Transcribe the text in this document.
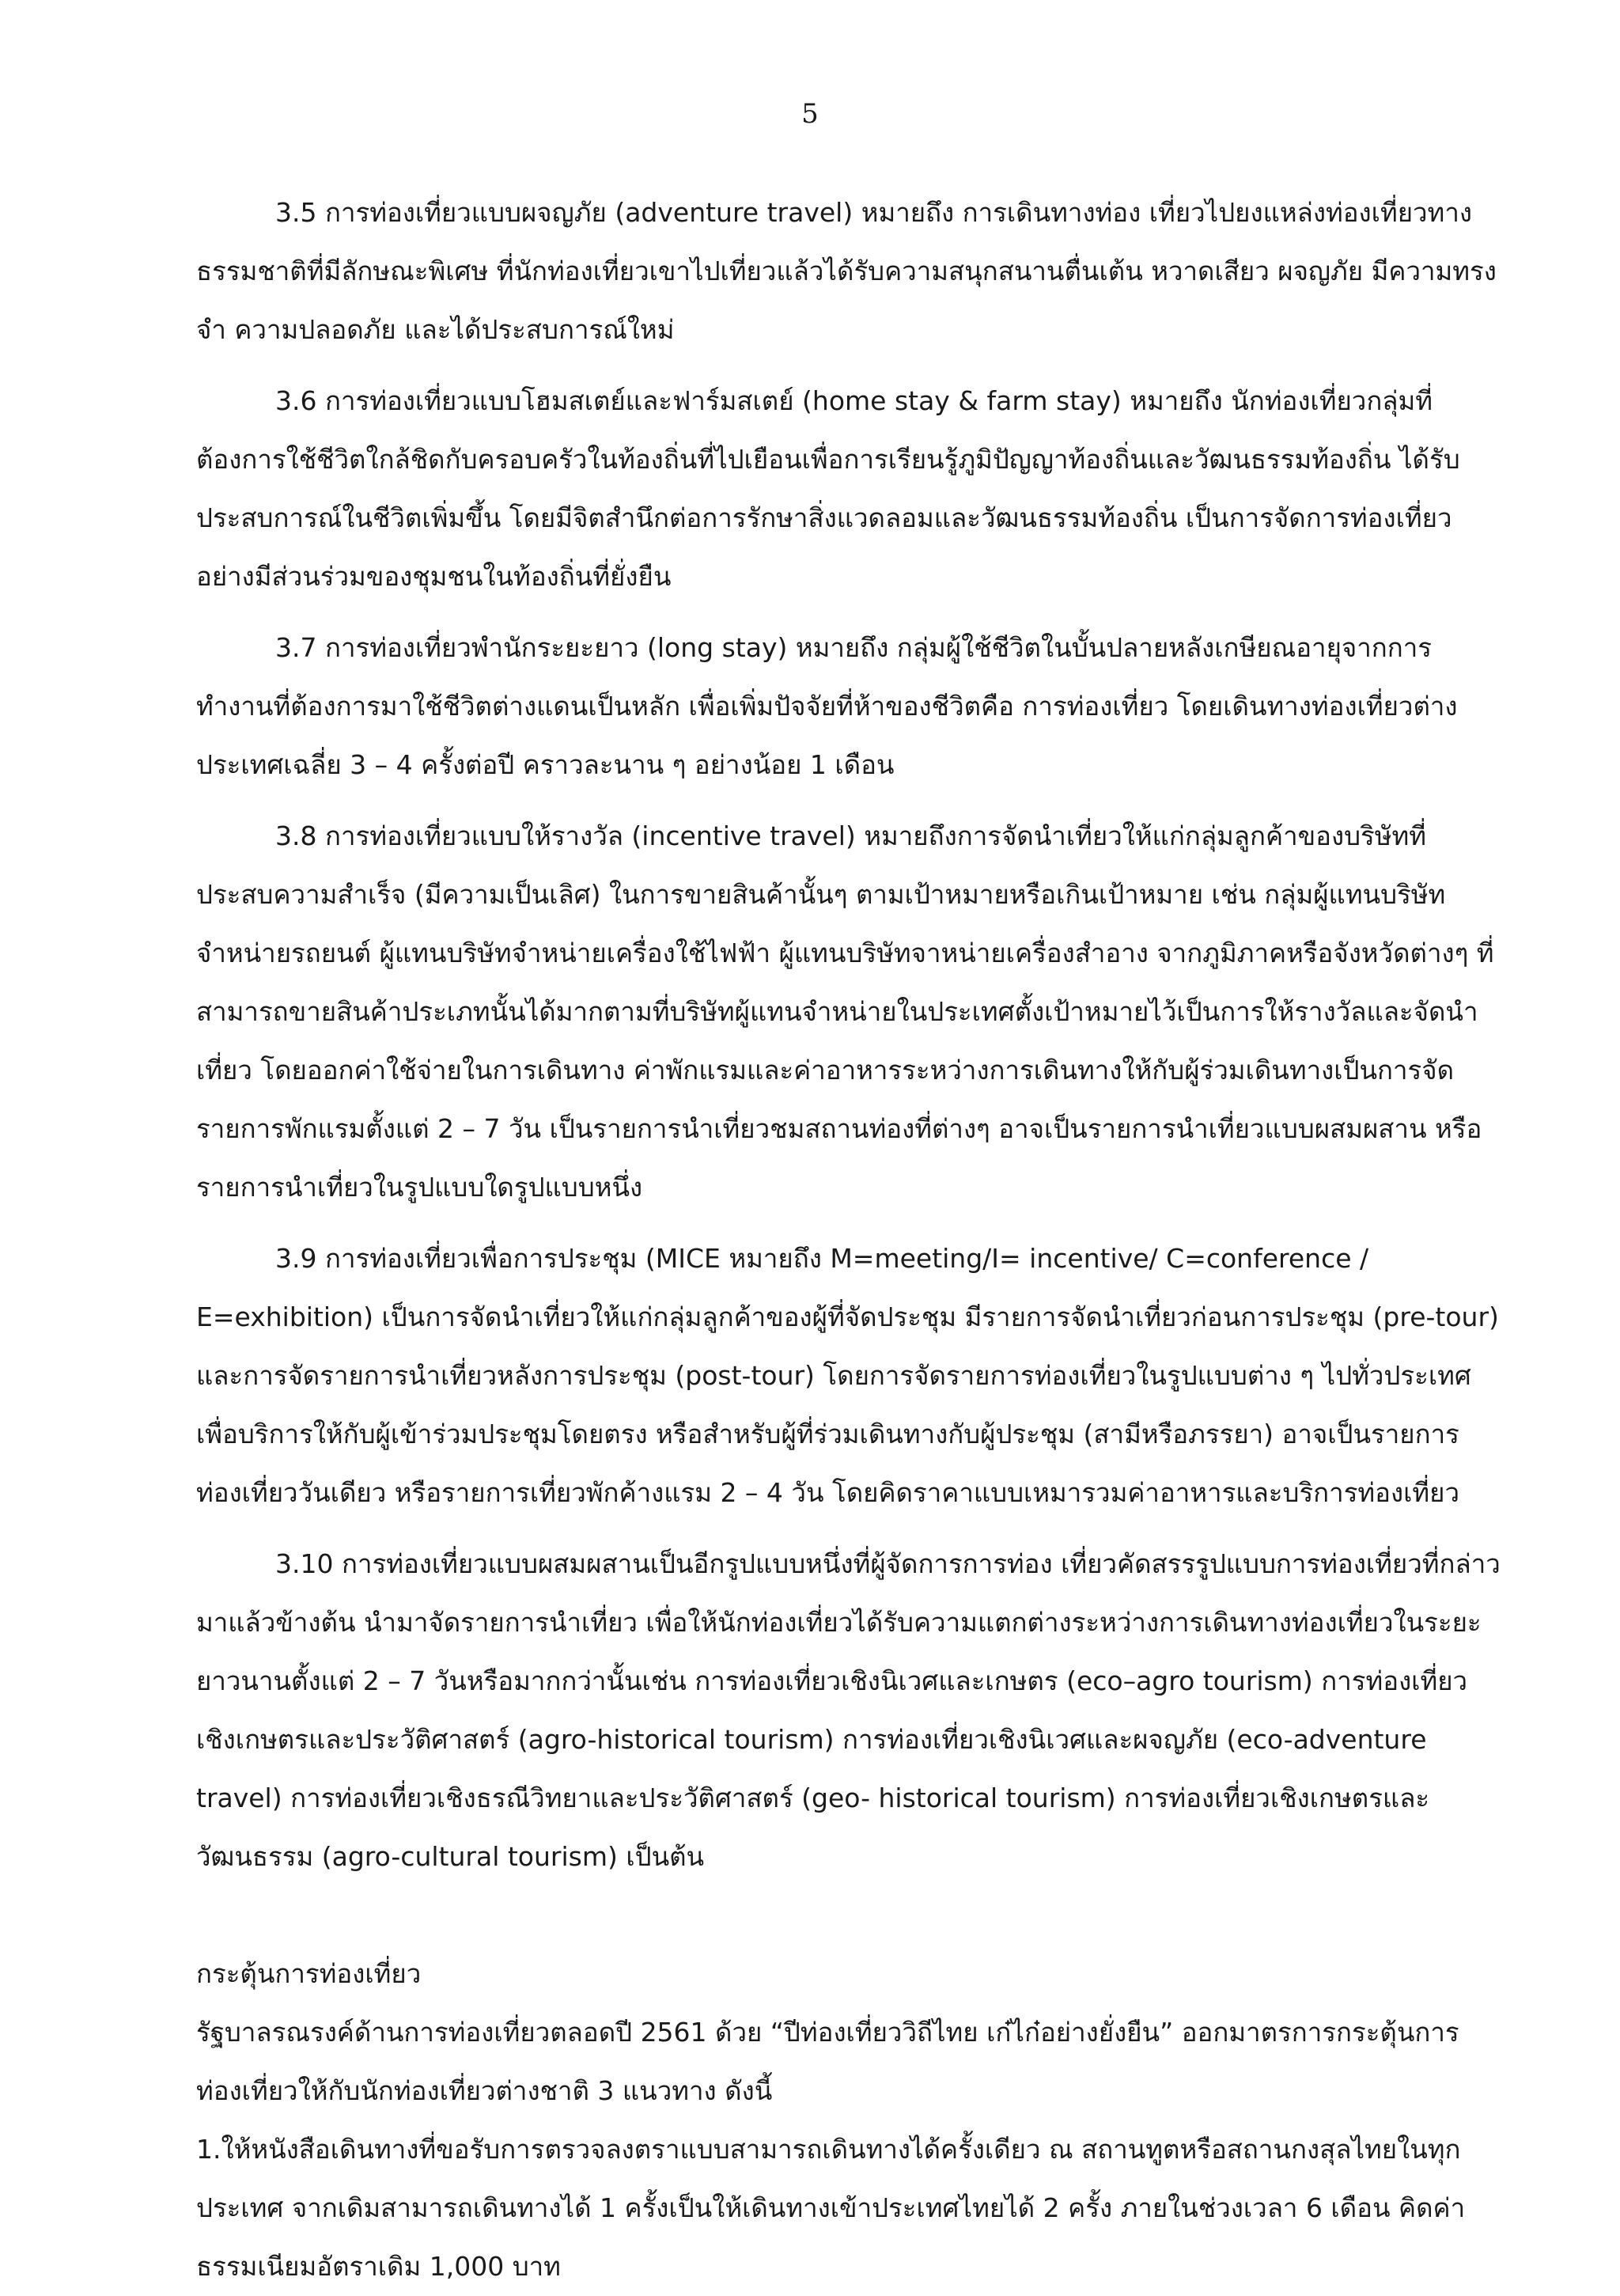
5

3.5 การท่องเที่ยวแบบผจญภัย (adventure travel) หมายถึง การเดินทางท่อง เที่ยวไปยงแหล่งท่องเที่ยวทางธรรมชาติที่มีลักษณะพิเศษ ที่นักท่องเที่ยวเขาไปเที่ยวแล้วได้รับความสนุกสนานตื่นเต้น หวาดเสียว ผจญภัย มีความทรงจำ ความปลอดภัย และได้ประสบการณ์ใหม่

3.6 การท่องเที่ยวแบบโฮมสเตย์และฟาร์มสเตย์ (home stay & farm stay) หมายถึง นักท่องเที่ยวกลุ่มที่ต้องการใช้ชีวิตใกล้ชิดกับครอบครัวในท้องถิ่นที่ไปเยือนเพื่อการเรียนรู้ภูมิปัญญาท้องถิ่นและวัฒนธรรมท้องถิ่น ได้รับประสบการณ์ในชีวิตเพิ่มขึ้น โดยมีจิตสำนึกต่อการรักษาสิ่งแวดลอมและวัฒนธรรมท้องถิ่น เป็นการจัดการท่องเที่ยวอย่างมีส่วนร่วมของชุมชนในท้องถิ่นที่ยั่งยืน

3.7 การท่องเที่ยวพำนักระยะยาว (long stay) หมายถึง กลุ่มผู้ใช้ชีวิตในบั้นปลายหลังเกษียณอายุจากการทำงานที่ต้องการมาใช้ชีวิตต่างแดนเป็นหลัก เพื่อเพิ่มปัจจัยที่ห้าของชีวิตคือ การท่องเที่ยว โดยเดินทางท่องเที่ยวต่างประเทศเฉลี่ย 3 – 4 ครั้งต่อปี คราวละนาน ๆ อย่างน้อย 1 เดือน

3.8 การท่องเที่ยวแบบให้รางวัล (incentive travel) หมายถึงการจัดนำเที่ยวให้แก่กลุ่มลูกค้าของบริษัทที่ประสบความสำเร็จ (มีความเป็นเลิศ) ในการขายสินค้านั้นๆ ตามเป้าหมายหรือเกินเป้าหมาย เช่น กลุ่มผู้แทนบริษัทจำหน่ายรถยนต์ ผู้แทนบริษัทจำหน่ายเครื่องใช้ไฟฟ้า ผู้แทนบริษัทจาหน่ายเครื่องสำอาง จากภูมิภาคหรือจังหวัดต่างๆ ที่สามารถขายสินค้าประเภทนั้นได้มากตามที่บริษัทผู้แทนจำหน่ายในประเทศตั้งเป้าหมายไว้เป็นการให้รางวัลและจัดนำเที่ยว โดยออกค่าใช้จ่ายในการเดินทาง ค่าพักแรมและค่าอาหารระหว่างการเดินทางให้กับผู้ร่วมเดินทางเป็นการจัดรายการพักแรมตั้งแต่ 2 – 7 วัน เป็นรายการนำเที่ยวชมสถานท่องที่ต่างๆ อาจเป็นรายการนำเที่ยวแบบผสมผสาน หรือรายการนำเที่ยวในรูปแบบใดรูปแบบหนึ่ง

3.9 การท่องเที่ยวเพื่อการประชุม (MICE หมายถึง M=meeting/I= incentive/ C=conference / E=exhibition) เป็นการจัดนำเที่ยวให้แก่กลุ่มลูกค้าของผู้ที่จัดประชุม มีรายการจัดนำเที่ยวก่อนการประชุม (pre-tour) และการจัดรายการนำเที่ยวหลังการประชุม (post-tour) โดยการจัดรายการท่องเที่ยวในรูปแบบต่าง ๆ ไปทั่วประเทศ เพื่อบริการให้กับผู้เข้าร่วมประชุมโดยตรง หรือสำหรับผู้ที่ร่วมเดินทางกับผู้ประชุม (สามีหรือภรรยา) อาจเป็นรายการท่องเที่ยววันเดียว หรือรายการเที่ยวพักค้างแรม 2 – 4 วัน โดยคิดราคาแบบเหมารวมค่าอาหารและบริการท่องเที่ยว

3.10 การท่องเที่ยวแบบผสมผสานเป็นอีกรูปแบบหนึ่งที่ผู้จัดการการท่อง เที่ยวคัดสรรรูปแบบการท่องเที่ยวที่กล่าวมาแล้วข้างต้น นำมาจัดรายการนำเที่ยว เพื่อให้นักท่องเที่ยวได้รับความแตกต่างระหว่างการเดินทางท่องเที่ยวในระยะยาวนานตั้งแต่ 2 – 7 วันหรือมากกว่านั้นเช่น การท่องเที่ยวเชิงนิเวศและเกษตร (eco–agro tourism) การท่องเที่ยวเชิงเกษตรและประวัติศาสตร์ (agro-historical tourism) การท่องเที่ยวเชิงนิเวศและผจญภัย (eco-adventure travel) การท่องเที่ยวเชิงธรณีวิทยาและประวัติศาสตร์ (geo- historical tourism) การท่องเที่ยวเชิงเกษตรและวัฒนธรรม (agro-cultural tourism) เป็นต้น

กระตุ้นการท่องเที่ยว

รัฐบาลรณรงค์ด้านการท่องเที่ยวตลอดปี 2561 ด้วย “ปีท่องเที่ยววิถีไทย เก๋ไก๋อย่างยั่งยืน” ออกมาตรการกระตุ้นการท่องเที่ยวให้กับนักท่องเที่ยวต่างชาติ 3 แนวทาง ดังนี้

1.ให้หนังสือเดินทางที่ขอรับการตรวจลงตราแบบสามารถเดินทางได้ครั้งเดียว ณ สถานทูตหรือสถานกงสุลไทยในทุกประเทศ จากเดิมสามารถเดินทางได้ 1 ครั้งเป็นให้เดินทางเข้าประเทศไทยได้ 2 ครั้ง ภายในช่วงเวลา 6 เดือน คิดค่าธรรมเนียมอัตราเดิม 1,000 บาท
